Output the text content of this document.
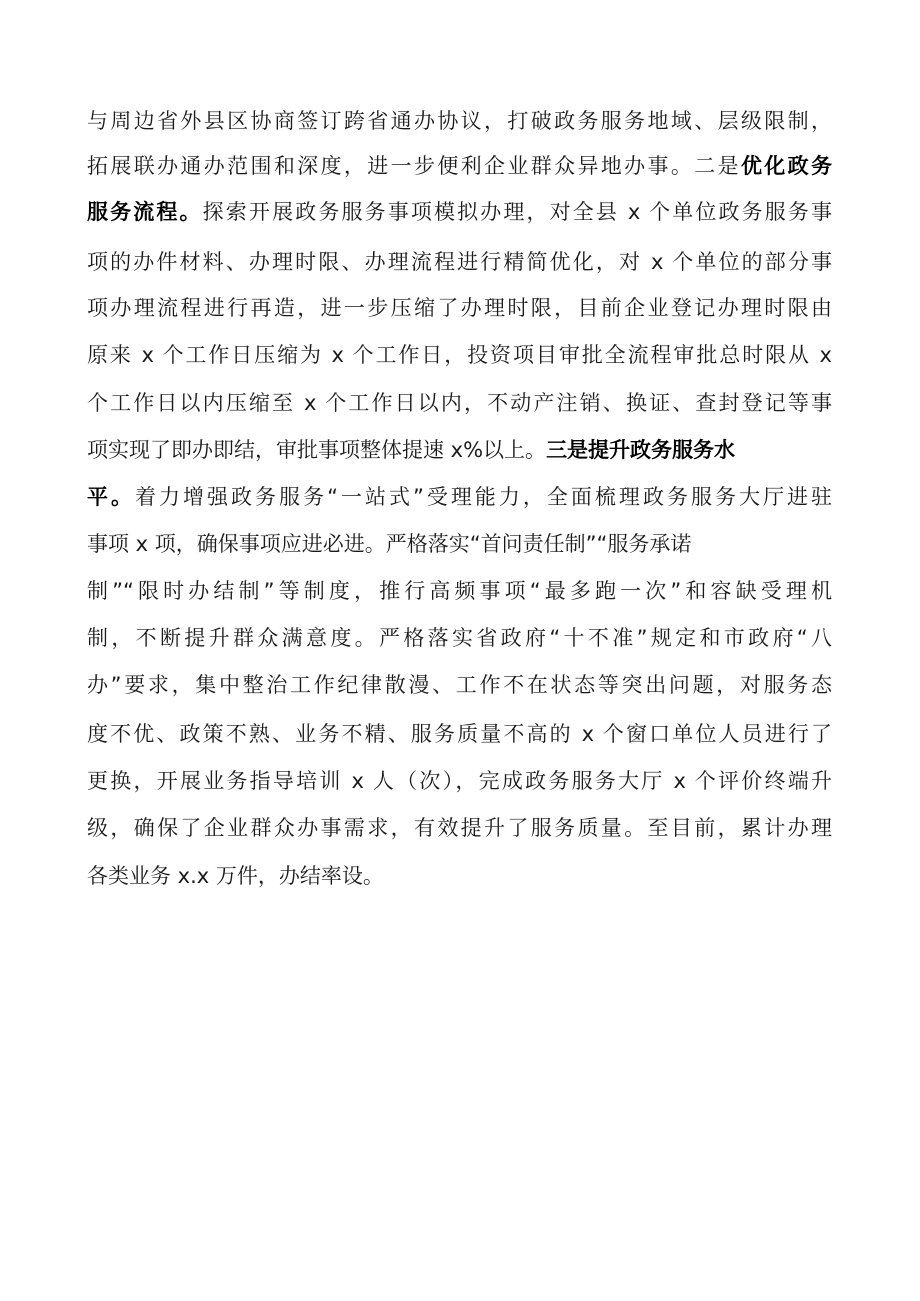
与周边省外县区协商签订跨省通办协议，打破政务服务地域、层级限制，
拓展联办通办范围和深度，进一步便利企业群众异地办事。二是优化政务
服务流程。探索开展政务服务事项模拟办理，对全县 x 个单位政务服务事
项的办件材料、办理时限、办理流程进行精简优化，对 x 个单位的部分事
项办理流程进行再造，进一步压缩了办理时限，目前企业登记办理时限由
原来 x 个工作日压缩为 x 个工作日，投资项目审批全流程审批总时限从 x
个工作日以内压缩至 x 个工作日以内，不动产注销、换证、查封登记等事
项实现了即办即结，审批事项整体提速 x%以上。三是提升政务服务水
平。着力增强政务服务“一站式”受理能力，全面梳理政务服务大厅进驻
事项 x 项，确保事项应进必进。严格落实“首问责任制”“服务承诺
制”“限时办结制”等制度，推行高频事项“最多跑一次”和容缺受理机
制，不断提升群众满意度。严格落实省政府“十不准”规定和市政府“八
办”要求，集中整治工作纪律散漫、工作不在状态等突出问题，对服务态
度不优、政策不熟、业务不精、服务质量不高的 x 个窗口单位人员进行了
更换，开展业务指导培训 x 人（次），完成政务服务大厅 x 个评价终端升
级，确保了企业群众办事需求，有效提升了服务质量。至目前，累计办理
各类业务 x.x 万件，办结率设。
